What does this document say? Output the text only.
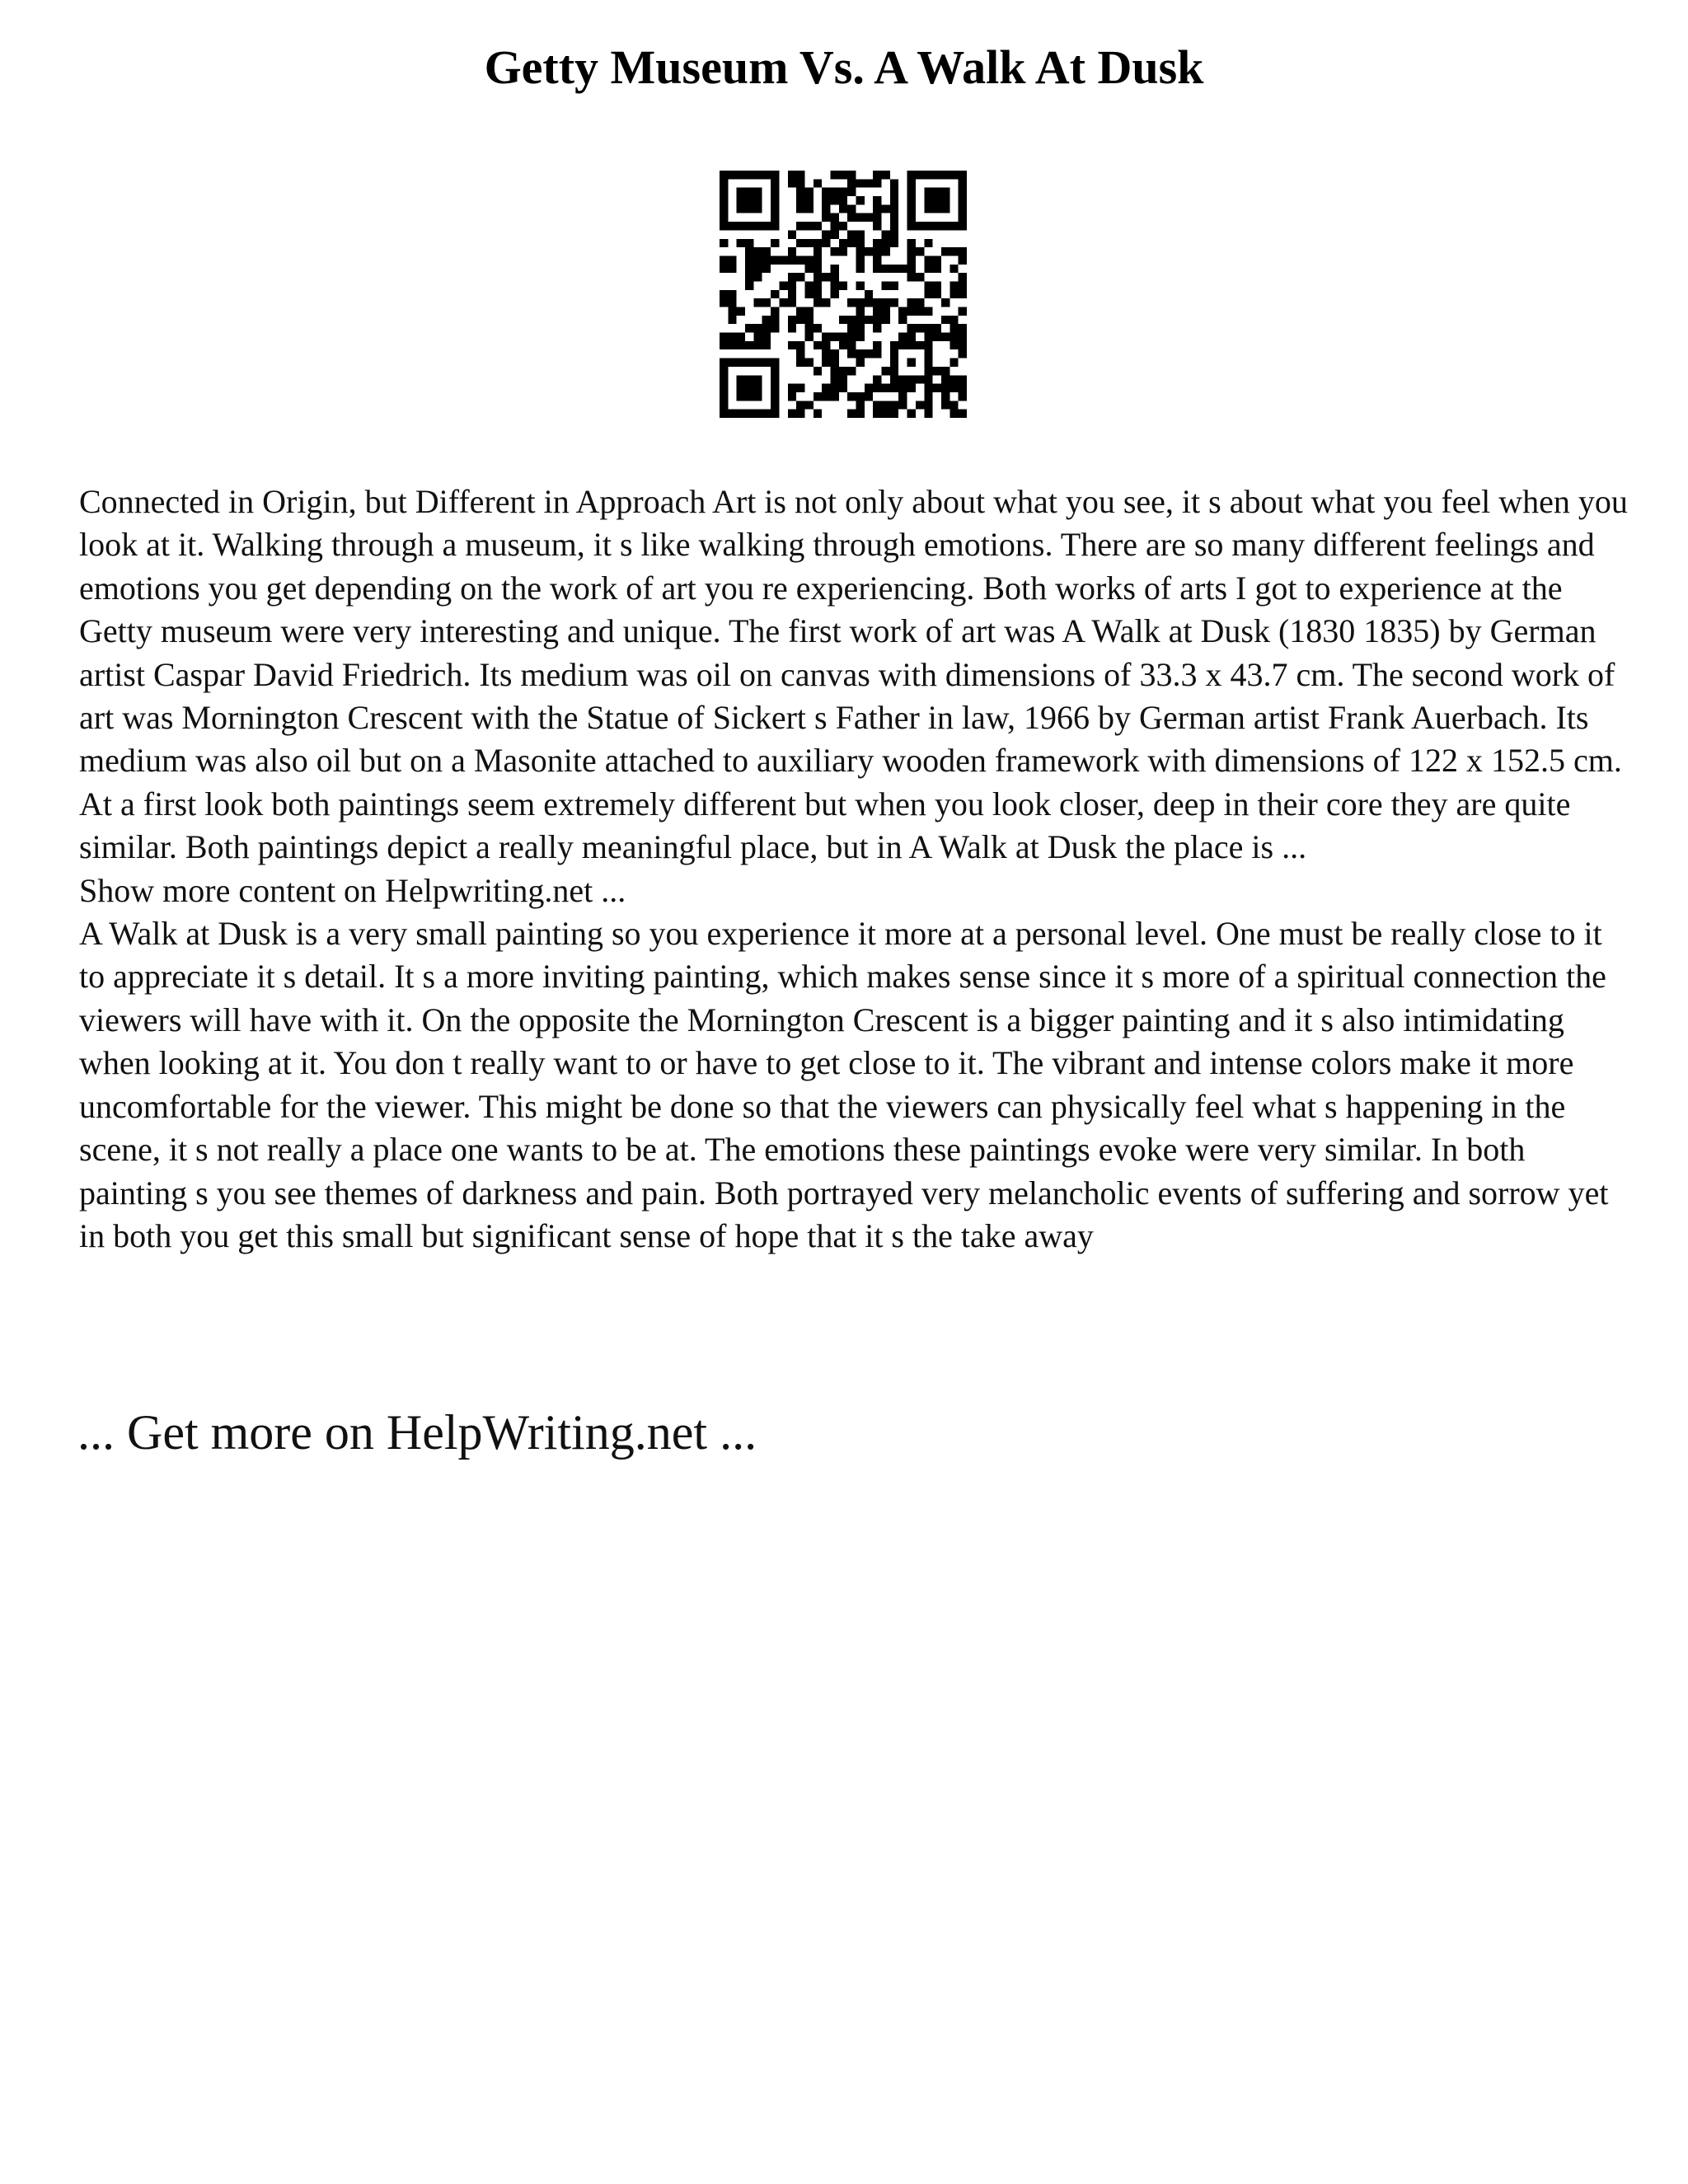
Getty Museum Vs. A Walk At Dusk

Connected in Origin, but Different in Approach Art is not only about what you see, it s about what you feel when you look at it. Walking through a museum, it s like walking through emotions. There are so many different feelings and emotions you get depending on the work of art you re experiencing. Both works of arts I got to experience at the Getty museum were very interesting and unique. The first work of art was A Walk at Dusk (1830 1835) by German artist Caspar David Friedrich. Its medium was oil on canvas with dimensions of 33.3 x 43.7 cm. The second work of art was Mornington Crescent with the Statue of Sickert s Father in law, 1966 by German artist Frank Auerbach. Its medium was also oil but on a Masonite attached to auxiliary wooden framework with dimensions of 122 x 152.5 cm. At a first look both paintings seem extremely different but when you look closer, deep in their core they are quite similar. Both paintings depict a really meaningful place, but in A Walk at Dusk the place is ...

Show more content on Helpwriting.net ...

A Walk at Dusk is a very small painting so you experience it more at a personal level. One must be really close to it to appreciate it s detail. It s a more inviting painting, which makes sense since it s more of a spiritual connection the viewers will have with it. On the opposite the Mornington Crescent is a bigger painting and it s also intimidating when looking at it. You don t really want to or have to get close to it. The vibrant and intense colors make it more uncomfortable for the viewer. This might be done so that the viewers can physically feel what s happening in the scene, it s not really a place one wants to be at. The emotions these paintings evoke were very similar. In both painting s you see themes of darkness and pain. Both portrayed very melancholic events of suffering and sorrow yet in both you get this small but significant sense of hope that it s the take away

... Get more on HelpWriting.net ...
